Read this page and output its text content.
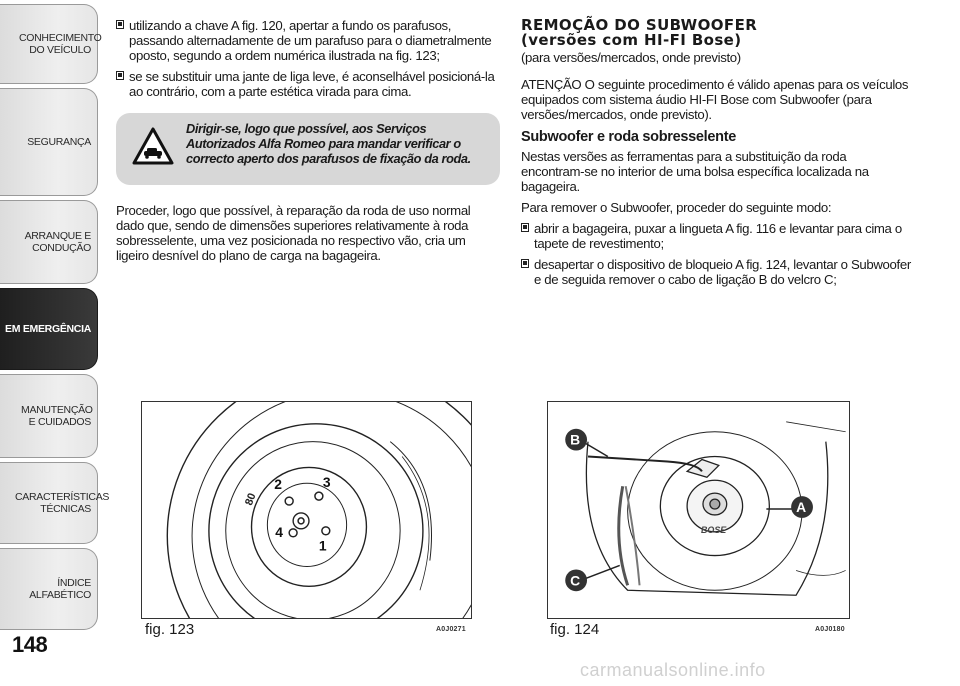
CONHECIMENTO DO VEÍCULO
SEGURANÇA
ARRANQUE E CONDUÇÃO
EM EMERGÊNCIA
MANUTENÇÃO E CUIDADOS
CARACTERÍSTICAS TÉCNICAS
ÍNDICE ALFABÉTICO
148
utilizando a chave A fig. 120, apertar a fundo os parafusos, passando alternadamente de um parafuso para o diametralmente oposto, segundo a ordem numérica ilustrada na fig. 123;
se se substituir uma jante de liga leve, é aconselhável posicioná-la ao contrário, com a parte estética virada para cima.
Dirigir-se, logo que possível, aos Serviços Autorizados Alfa Romeo para mandar verificar o correcto aperto dos parafusos de fixação da roda.

Proceder, logo que possível, à reparação da roda de uso normal dado que, sendo de dimensões superiores relativamente à roda sobresselente, uma vez posicionada no respectivo vão, cria um ligeiro desnível do plano de carga na bagageira.

REMOÇÃO DO SUBWOOFER
(versões com HI-FI Bose)

(para versões/mercados, onde previsto)

ATENÇÃO O seguinte procedimento é válido apenas para os veículos equipados com sistema áudio HI-FI Bose com Subwoofer (para versões/mercados, onde previsto).

Subwoofer e roda sobresselente

Nestas versões as ferramentas para a substituição da roda encontram-se no interior de uma bolsa específica localizada na bagageira.

Para remover o Subwoofer, proceder do seguinte modo:

abrir a bagageira, puxar a lingueta A fig. 116 e levantar para cima o tapete de revestimento;
desapertar o dispositivo de bloqueio A fig. 124, levantar o Subwoofer e de seguida remover o cabo de ligação B do velcro C;
1
2	3
4
80
fig. 123	A0J0271
BOSE
A
B
C
fig. 124	A0J0180
carmanualsonline.info
